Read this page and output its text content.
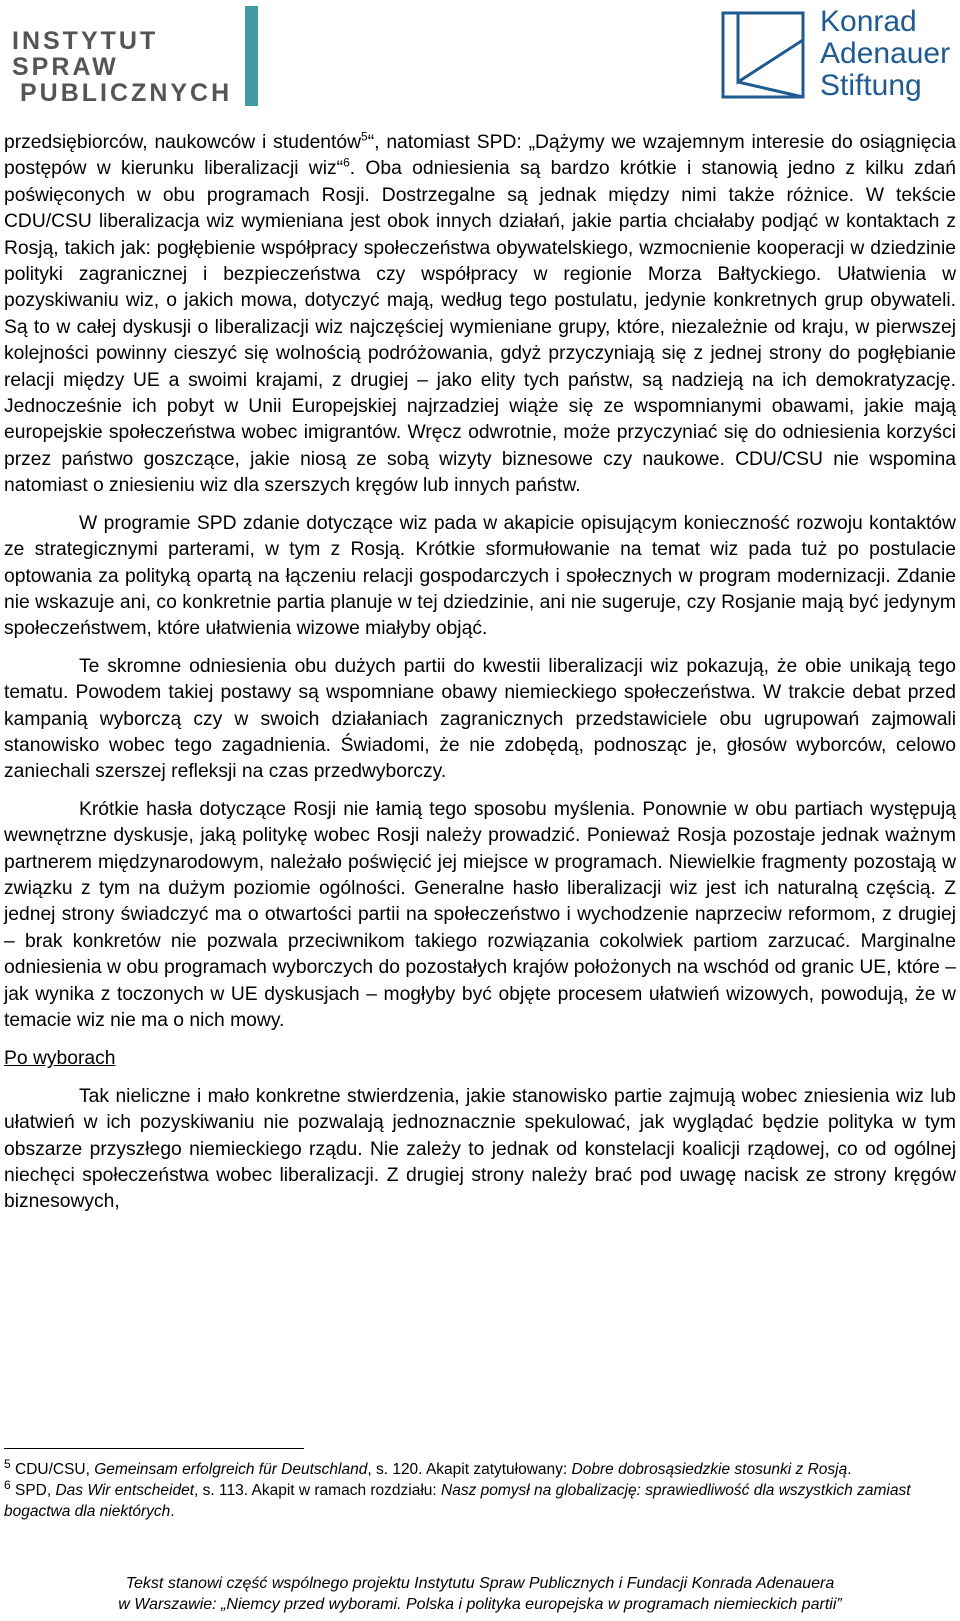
INSTYTUT SPRAW
PUBLICZNYCH
Konrad
Adenauer
Stiftung

przedsiębiorców, naukowców i studentów$^5$“, natomiast SPD: „Dążymy we wzajemnym interesie do osiągnięcia postępów w kierunku liberalizacji wiz“$^6$. Oba odniesienia są bardzo krótkie i stanowią jedno z kilku zdań poświęconych w obu programach Rosji. Dostrzegalne są jednak między nimi także różnice. W tekście CDU/CSU liberalizacja wiz wymieniana jest obok innych działań, jakie partia chciałaby podjąć w kontaktach z Rosją, takich jak: pogłębienie współpracy społeczeństwa obywatelskiego, wzmocnienie kooperacji w dziedzinie polityki zagranicznej i bezpieczeństwa czy współpracy w regionie Morza Bałtyckiego. Ułatwienia w pozyskiwaniu wiz, o jakich mowa, dotyczyć mają, według tego postulatu, jedynie konkretnych grup obywateli. Są to w całej dyskusji o liberalizacji wiz najczęściej wymieniane grupy, które, niezależnie od kraju, w pierwszej kolejności powinny cieszyć się wolnością podróżowania, gdyż przyczyniają się z jednej strony do pogłębianie relacji między UE a swoimi krajami, z drugiej – jako elity tych państw, są nadzieją na ich demokratyzację. Jednocześnie ich pobyt w Unii Europejskiej najrzadziej wiąże się ze wspomnianymi obawami, jakie mają europejskie społeczeństwa wobec imigrantów. Wręcz odwrotnie, może przyczyniać się do odniesienia korzyści przez państwo goszczące, jakie niosą ze sobą wizyty biznesowe czy naukowe. CDU/CSU nie wspomina natomiast o zniesieniu wiz dla szerszych kręgów lub innych państw.

W programie SPD zdanie dotyczące wiz pada w akapicie opisującym konieczność rozwoju kontaktów ze strategicznymi parterami, w tym z Rosją. Krótkie sformułowanie na temat wiz pada tuż po postulacie optowania za polityką opartą na łączeniu relacji gospodarczych i społecznych w program modernizacji. Zdanie nie wskazuje ani, co konkretnie partia planuje w tej dziedzinie, ani nie sugeruje, czy Rosjanie mają być jedynym społeczeństwem, które ułatwienia wizowe miałyby objąć.

Te skromne odniesienia obu dużych partii do kwestii liberalizacji wiz pokazują, że obie unikają tego tematu. Powodem takiej postawy są wspomniane obawy niemieckiego społeczeństwa. W trakcie debat przed kampanią wyborczą czy w swoich działaniach zagranicznych przedstawiciele obu ugrupowań zajmowali stanowisko wobec tego zagadnienia. Świadomi, że nie zdobędą, podnosząc je, głosów wyborców, celowo zaniechali szerszej refleksji na czas przedwyborczy.

Krótkie hasła dotyczące Rosji nie łamią tego sposobu myślenia. Ponownie w obu partiach występują wewnętrzne dyskusje, jaką politykę wobec Rosji należy prowadzić. Ponieważ Rosja pozostaje jednak ważnym partnerem międzynarodowym, należało poświęcić jej miejsce w programach. Niewielkie fragmenty pozostają w związku z tym na dużym poziomie ogólności. Generalne hasło liberalizacji wiz jest ich naturalną częścią. Z jednej strony świadczyć ma o otwartości partii na społeczeństwo i wychodzenie naprzeciw reformom, z drugiej – brak konkretów nie pozwala przeciwnikom takiego rozwiązania cokolwiek partiom zarzucać. Marginalne odniesienia w obu programach wyborczych do pozostałych krajów położonych na wschód od granic UE, które – jak wynika z toczonych w UE dyskusjach – mogłyby być objęte procesem ułatwień wizowych, powodują, że w temacie wiz nie ma o nich mowy.

Po wyborach

Tak nieliczne i mało konkretne stwierdzenia, jakie stanowisko partie zajmują wobec zniesienia wiz lub ułatwień w ich pozyskiwaniu nie pozwalają jednoznacznie spekulować, jak wyglądać będzie polityka w tym obszarze przyszłego niemieckiego rządu. Nie zależy to jednak od konstelacji koalicji rządowej, co od ogólnej niechęci społeczeństwa wobec liberalizacji. Z drugiej strony należy brać pod uwagę nacisk ze strony kręgów biznesowych,

$^5$ CDU/CSU, Gemeinsam erfolgreich für Deutschland, s. 120. Akapit zatytułowany: Dobre dobrosąsiedzkie stosunki z Rosją.

$^6$ SPD, Das Wir entscheidet, s. 113. Akapit w ramach rozdziału: Nasz pomysł na globalizację: sprawiedliwość dla wszystkich zamiast bogactwa dla niektórych.

Tekst stanowi część wspólnego projektu Instytutu Spraw Publicznych i Fundacji Konrada Adenauera
w Warszawie: „Niemcy przed wyborami. Polska i polityka europejska w programach niemieckich partii”
